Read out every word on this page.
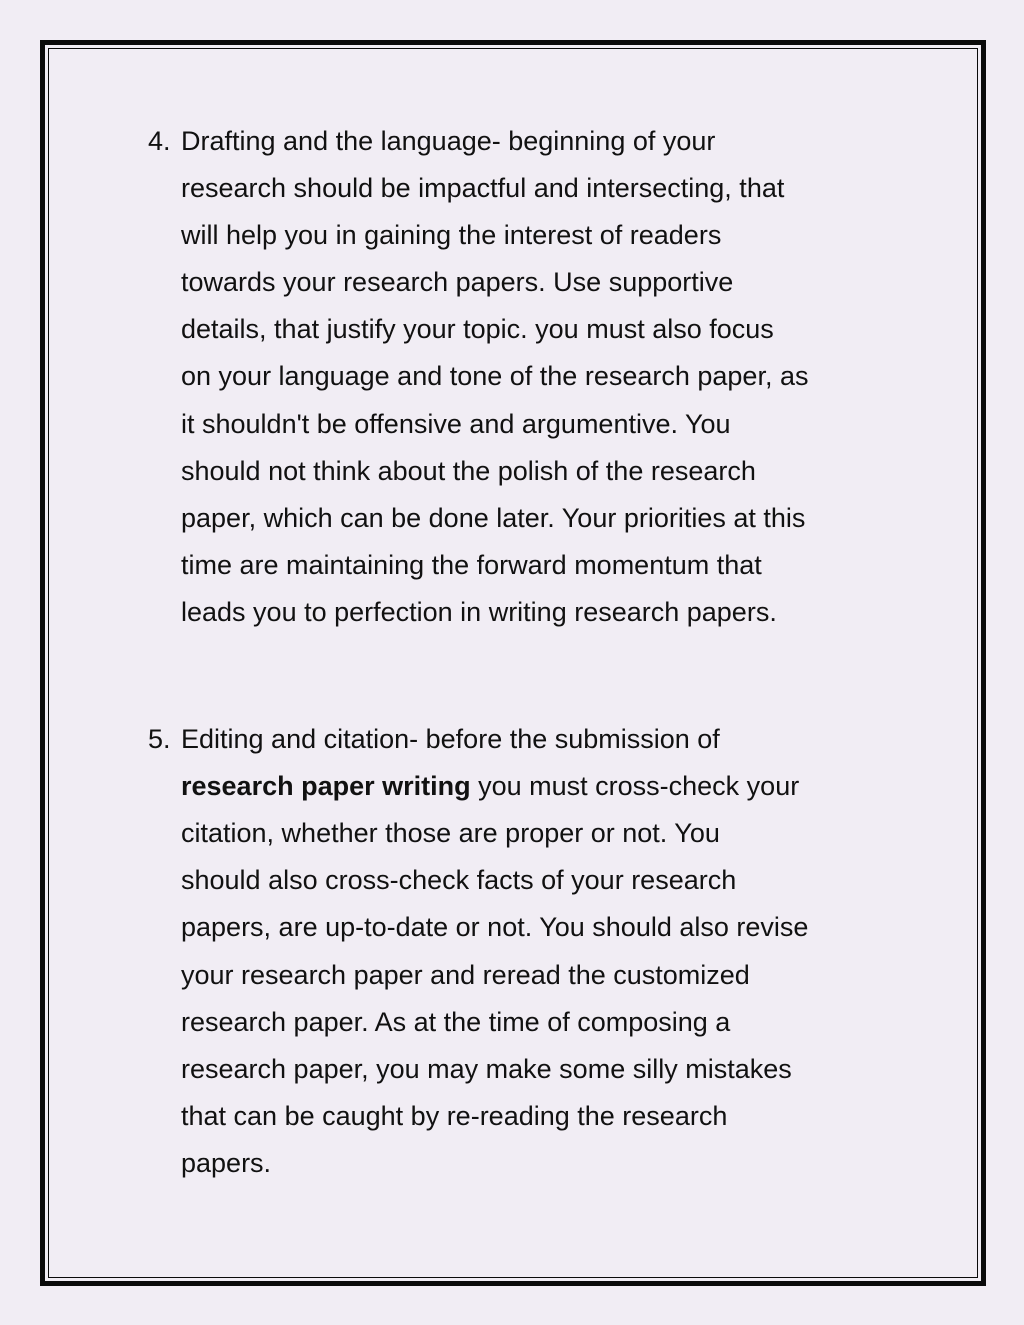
4. Drafting and the language- beginning of your
research should be impactful and intersecting, that
will help you in gaining the interest of readers
towards your research papers. Use supportive
details, that justify your topic. you must also focus
on your language and tone of the research paper, as
it shouldn't be offensive and argumentive. You
should not think about the polish of the research
paper, which can be done later. Your priorities at this
time are maintaining the forward momentum that
leads you to perfection in writing research papers.
5. Editing and citation- before the submission of
research paper writing you must cross-check your
citation, whether those are proper or not. You
should also cross-check facts of your research
papers, are up-to-date or not. You should also revise
your research paper and reread the customized
research paper. As at the time of composing a
research paper, you may make some silly mistakes
that can be caught by re-reading the research
papers.
